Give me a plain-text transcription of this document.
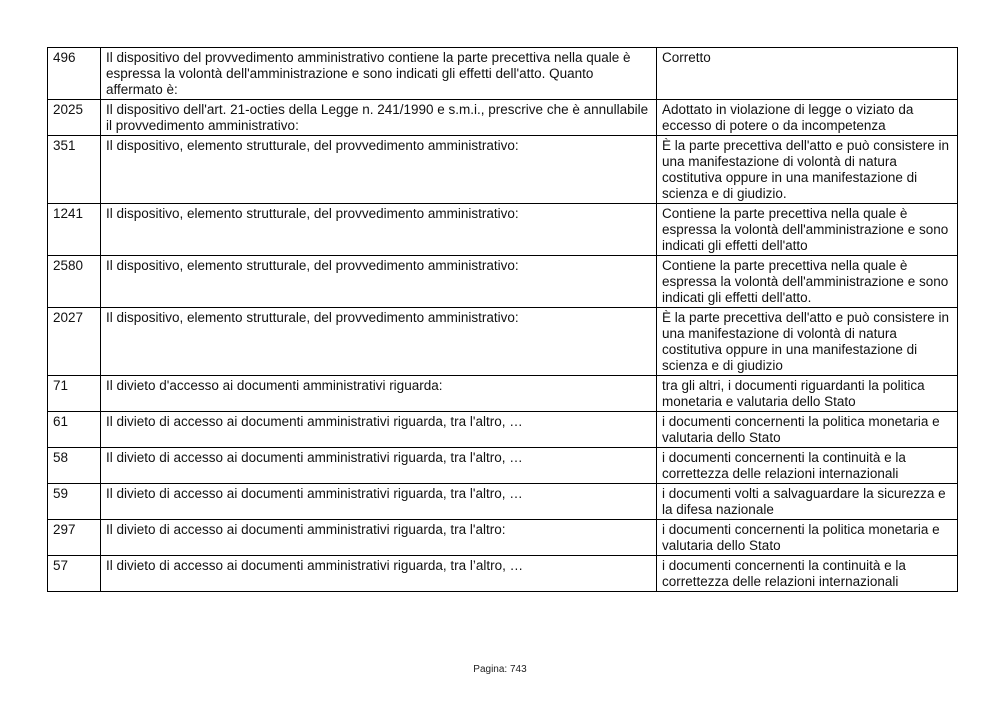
496	Il dispositivo del provvedimento amministrativo contiene la parte precettiva nella quale è espressa la volontà dell'amministrazione e sono indicati gli effetti dell'atto. Quanto affermato è:	Corretto
2025	Il dispositivo dell'art. 21-octies della Legge n. 241/1990 e s.m.i., prescrive che è annullabile il provvedimento amministrativo:	Adottato in violazione di legge o viziato da eccesso di potere o da incompetenza
351	Il dispositivo, elemento strutturale, del provvedimento amministrativo:	È la parte precettiva dell'atto e può consistere in una manifestazione di volontà di natura costitutiva oppure in una manifestazione di scienza e di giudizio.
1241	Il dispositivo, elemento strutturale, del provvedimento amministrativo:	Contiene la parte precettiva nella quale è espressa la volontà dell'amministrazione e sono indicati gli effetti dell'atto
2580	Il dispositivo, elemento strutturale, del provvedimento amministrativo:	Contiene la parte precettiva nella quale è espressa la volontà dell'amministrazione e sono indicati gli effetti dell'atto.
2027	Il dispositivo, elemento strutturale, del provvedimento amministrativo:	È la parte precettiva dell'atto e può consistere in una manifestazione di volontà di natura costitutiva oppure in una manifestazione di scienza e di giudizio
71	Il divieto d'accesso ai documenti amministrativi riguarda:	tra gli altri, i documenti riguardanti la politica monetaria e valutaria dello Stato
61	Il divieto di accesso ai documenti amministrativi riguarda, tra l'altro, …	i documenti concernenti la politica monetaria e valutaria dello Stato
58	Il divieto di accesso ai documenti amministrativi riguarda, tra l'altro, …	i documenti concernenti la continuità e la correttezza delle relazioni internazionali
59	Il divieto di accesso ai documenti amministrativi riguarda, tra l'altro, …	i documenti volti a salvaguardare la sicurezza e la difesa nazionale
297	Il divieto di accesso ai documenti amministrativi riguarda, tra l'altro:	i documenti concernenti la politica monetaria e valutaria dello Stato
57	Il divieto di accesso ai documenti amministrativi riguarda, tra l’altro, …	i documenti concernenti la continuità e la correttezza delle relazioni internazionali
Pagina: 743
